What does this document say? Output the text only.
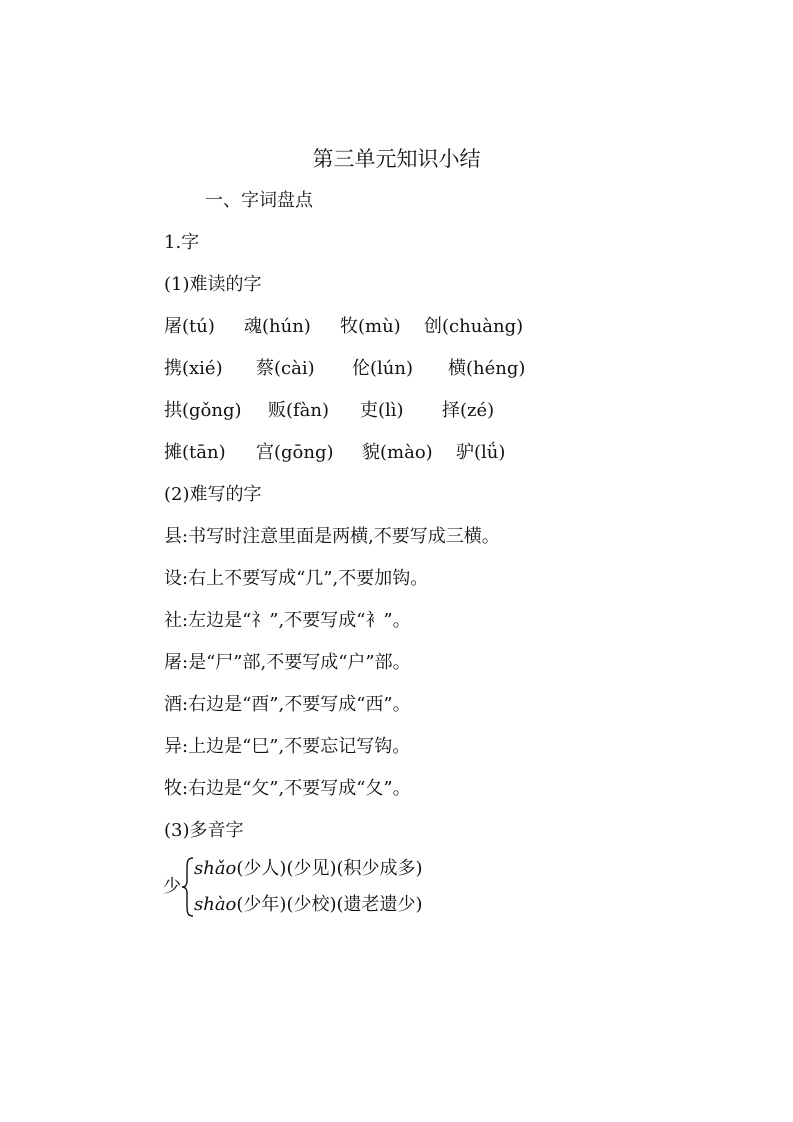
第三单元知识小结
一、字词盘点
1.字
(1)难读的字
屠(tú) 魂(hún) 牧(mù) 创(chuàng)
携(xié) 蔡(cài) 伦(lún) 横(héng)
拱(gǒng) 贩(fàn) 吏(lì) 择(zé)
摊(tān) 宫(gōng) 貌(mào) 驴(lǘ)
(2)难写的字
县:书写时注意里面是两横,不要写成三横。
设:右上不要写成“几”,不要加钩。
社:左边是“礻”,不要写成“衤”。
屠:是“尸”部,不要写成“户”部。
酒:右边是“酉”,不要写成“西”。
异:上边是“巳”,不要忘记写钩。
牧:右边是“攵”,不要写成“夂”。
(3)多音字
少
shǎo(少人)(少见)(积少成多)
shào(少年)(少校)(遗老遗少)
